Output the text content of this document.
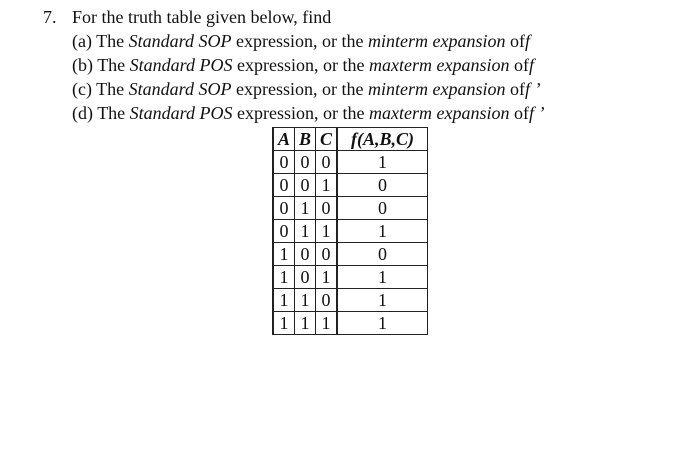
7. For the truth table given below, find
(a) The Standard SOP expression, or the minterm expansion off
(b) The Standard POS expression, or the maxterm expansion off
(c) The Standard SOP expression, or the minterm expansion off ’
(d) The Standard POS expression, or the maxterm expansion off ’
A	B	C	f(A,B,C)
0	0	0	1
0	0	1	0
0	1	0	0
0	1	1	1
1	0	0	0
1	0	1	1
1	1	0	1
1	1	1	1
